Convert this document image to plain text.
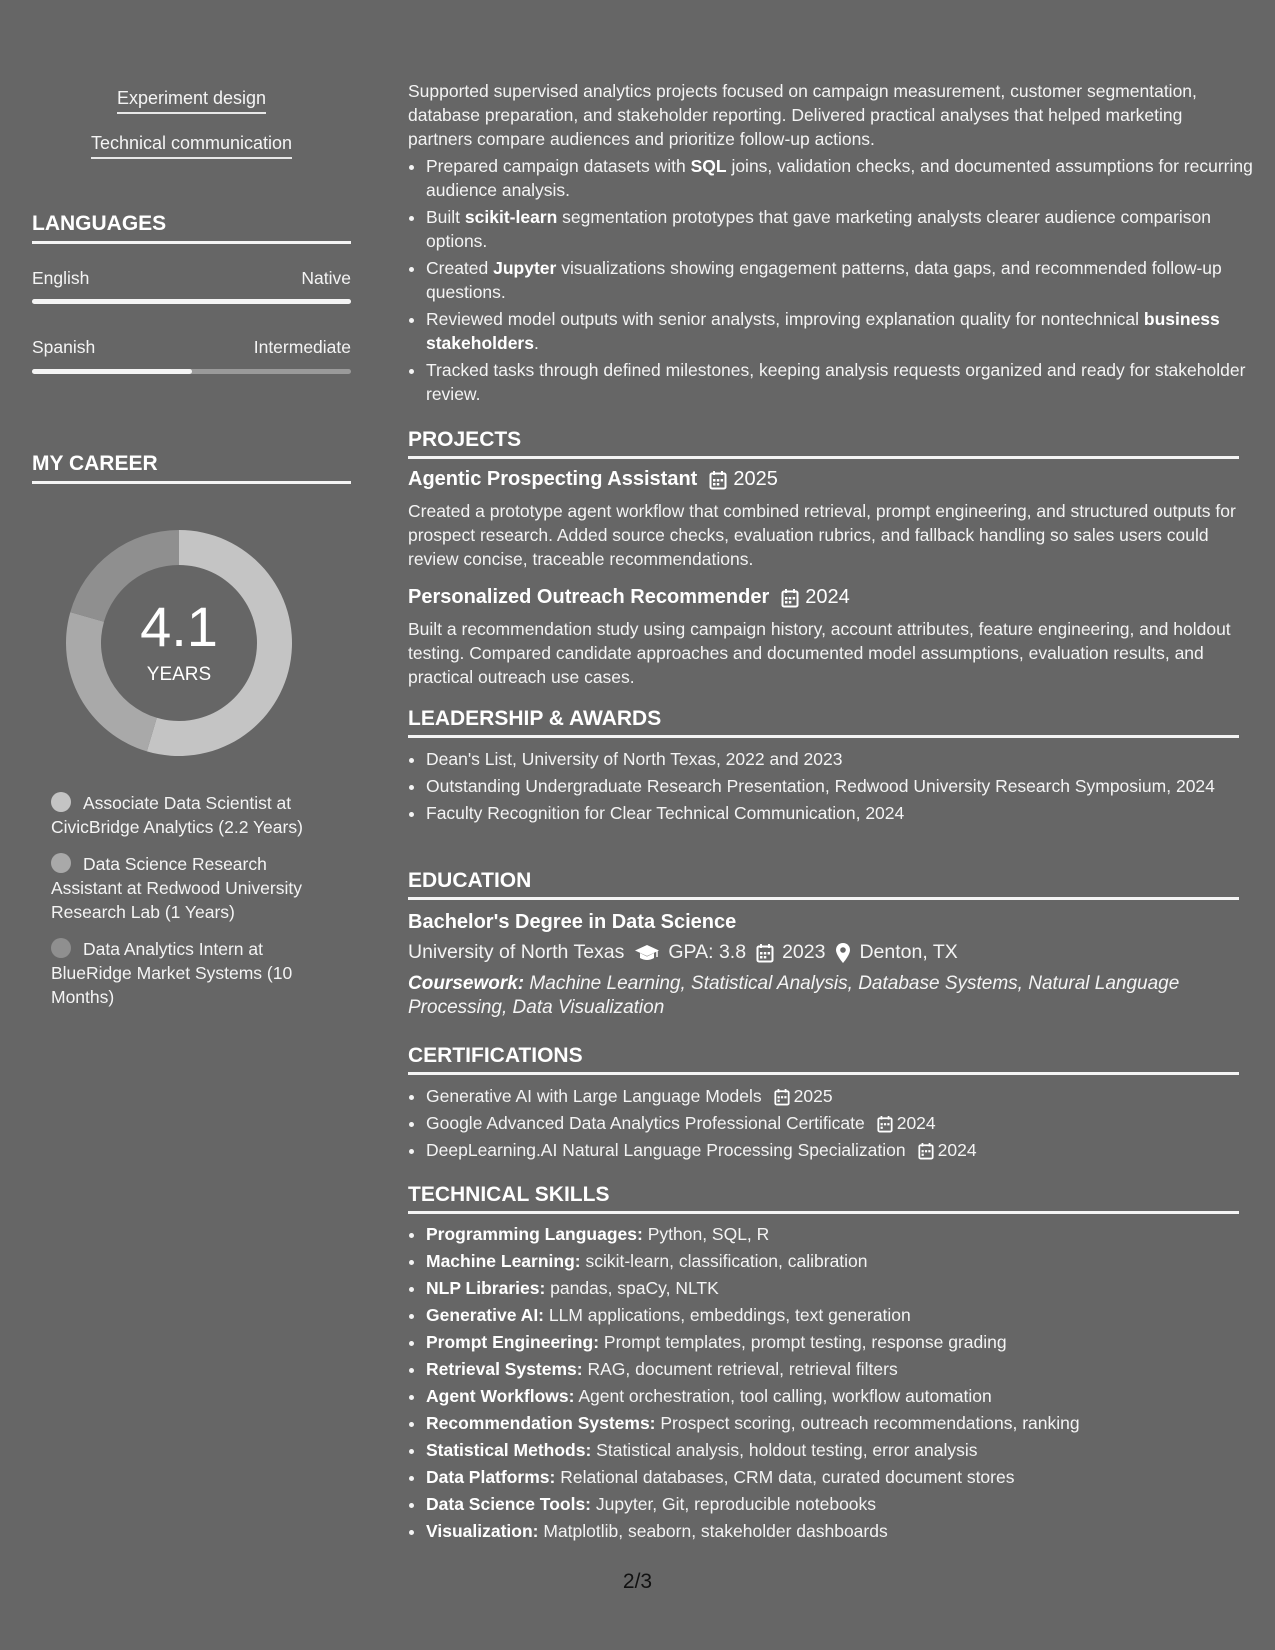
Experiment design
Technical communication
LANGUAGES
English	Native
Spanish	Intermediate
MY CAREER
4.1
YEARS
Associate Data Scientist at CivicBridge Analytics (2.2 Years)
Data Science Research Assistant at Redwood University Research Lab (1 Years)
Data Analytics Intern at BlueRidge Market Systems (10 Months)

Supported supervised analytics projects focused on campaign measurement, customer segmentation, database preparation, and stakeholder reporting. Delivered practical analyses that helped marketing partners compare audiences and prioritize follow-up actions.

• Prepared campaign datasets with SQL joins, validation checks, and documented assumptions for recurring audience analysis.
• Built scikit-learn segmentation prototypes that gave marketing analysts clearer audience comparison options.
• Created Jupyter visualizations showing engagement patterns, data gaps, and recommended follow-up questions.
• Reviewed model outputs with senior analysts, improving explanation quality for nontechnical business stakeholders.
• Tracked tasks through defined milestones, keeping analysis requests organized and ready for stakeholder review.
PROJECTS
Agentic Prospecting Assistant 2025

Created a prototype agent workflow that combined retrieval, prompt engineering, and structured outputs for prospect research. Added source checks, evaluation rubrics, and fallback handling so sales users could review concise, traceable recommendations.

Personalized Outreach Recommender 2024

Built a recommendation study using campaign history, account attributes, feature engineering, and holdout testing. Compared candidate approaches and documented model assumptions, evaluation results, and practical outreach use cases.

LEADERSHIP & AWARDS
• Dean's List, University of North Texas, 2022 and 2023
• Outstanding Undergraduate Research Presentation, Redwood University Research Symposium, 2024
• Faculty Recognition for Clear Technical Communication, 2024
EDUCATION
Bachelor's Degree in Data Science
University of North Texas GPA: 3.8 2023 Denton, TX
Coursework: Machine Learning, Statistical Analysis, Database Systems, Natural Language Processing, Data Visualization
CERTIFICATIONS
• Generative AI with Large Language Models 2025
• Google Advanced Data Analytics Professional Certificate 2024
• DeepLearning.AI Natural Language Processing Specialization 2024
TECHNICAL SKILLS
• Programming Languages: Python, SQL, R
• Machine Learning: scikit-learn, classification, calibration
• NLP Libraries: pandas, spaCy, NLTK
• Generative AI: LLM applications, embeddings, text generation
• Prompt Engineering: Prompt templates, prompt testing, response grading
• Retrieval Systems: RAG, document retrieval, retrieval filters
• Agent Workflows: Agent orchestration, tool calling, workflow automation
• Recommendation Systems: Prospect scoring, outreach recommendations, ranking
• Statistical Methods: Statistical analysis, holdout testing, error analysis
• Data Platforms: Relational databases, CRM data, curated document stores
• Data Science Tools: Jupyter, Git, reproducible notebooks
• Visualization: Matplotlib, seaborn, stakeholder dashboards
2/3
